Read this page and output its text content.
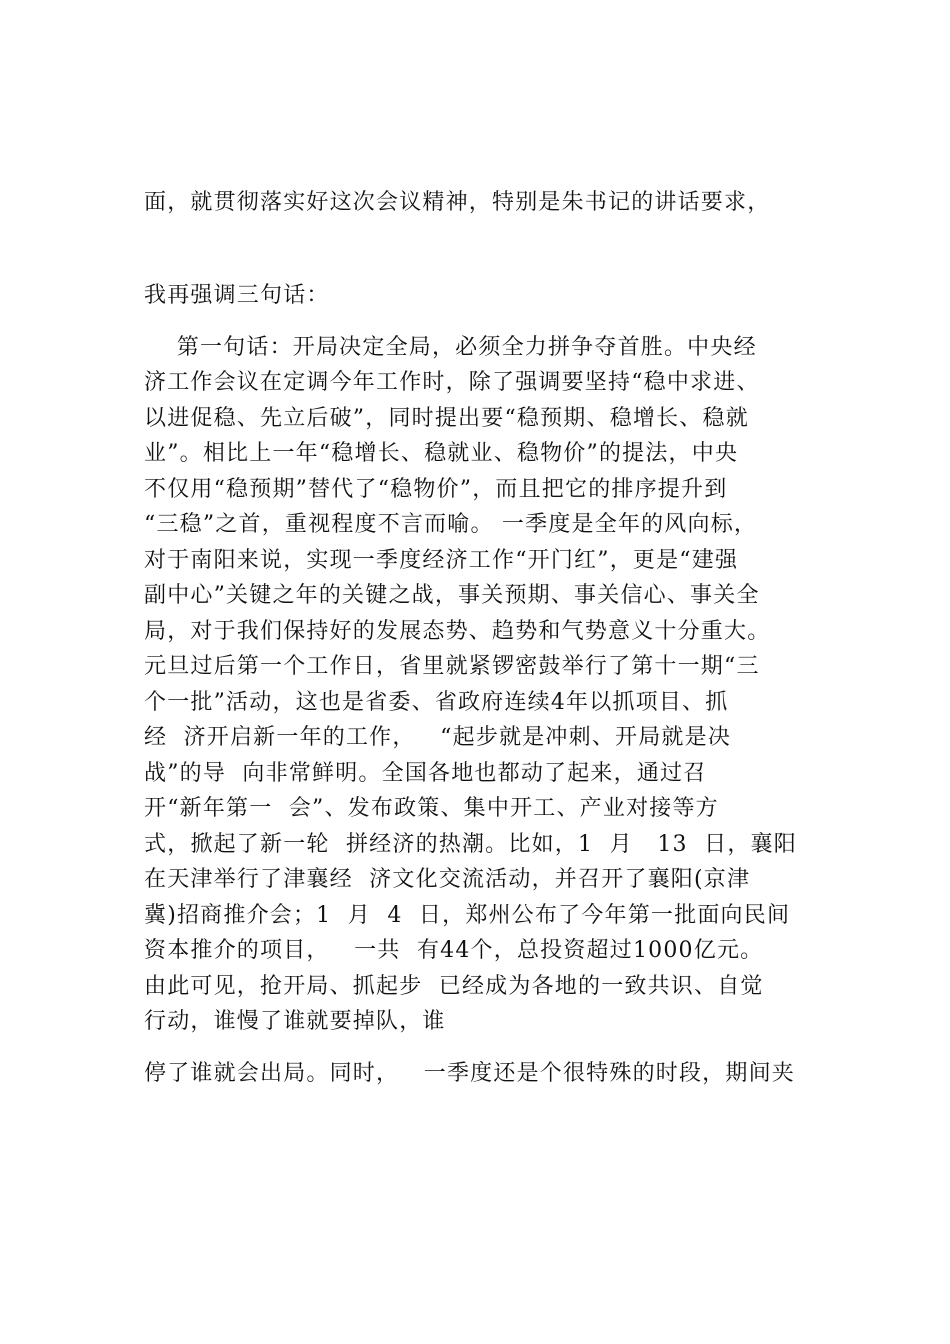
面，就贯彻落实好这次会议精神，特别是朱书记的讲话要求，
我再强调三句话：
第一句话：开局决定全局，必须全力拼争夺首胜。中央经
济工作会议在定调今年工作时，除了强调要坚持“稳中求进、
以进促稳、先立后破”，同时提出要“稳预期、稳增长、稳就
业”。相比上一年“稳增长、稳就业、稳物价”的提法，中央
不仅用“稳预期”替代了“稳物价”，而且把它的排序提升到
“三稳”之首，重视程度不言而喻。 一季度是全年的风向标，
对于南阳来说，实现一季度经济工作“开门红”，更是“建强
副中心”关键之年的关键之战，事关预期、事关信心、事关全
局，对于我们保持好的发展态势、趋势和气势意义十分重大。
元旦过后第一个工作日，省里就紧锣密鼓举行了第十一期“三
个一批”活动，这也是省委、省政府连续4年以抓项目、抓
经  济开启新一年的工作，   “起步就是冲刺、开局就是决
战”的导  向非常鲜明。全国各地也都动了起来，通过召
开“新年第一  会”、发布政策、集中开工、产业对接等方
式，掀起了新一轮  拼经济的热潮。比如，1  月   13  日，襄阳
在天津举行了津襄经  济文化交流活动，并召开了襄阳(京津
冀)招商推介会；1  月  4  日，郑州公布了今年第一批面向民间
资本推介的项目，   一共  有44个，总投资超过1000亿元。
由此可见，抢开局、抓起步  已经成为各地的一致共识、自觉
行动，谁慢了谁就要掉队，谁
停了谁就会出局。同时，   一季度还是个很特殊的时段，期间夹
